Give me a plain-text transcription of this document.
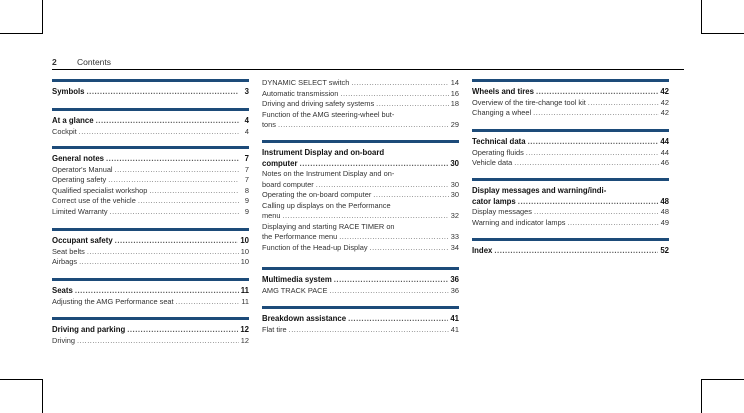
2 Contents
Symbols .....	3
At a glance .....	4
Cockpit .....	4
General notes .....	7
Operator's Manual .....	7
Operating safety .....	7
Qualified specialist workshop .....	8
Correct use of the vehicle .....	9
Limited Warranty .....	9
Occupant safety .....	10
Seat belts .....	10
Airbags .....	10
Seats .....	11
Adjusting the AMG Performance seat .....	11
Driving and parking .....	12
Driving .....	12
DYNAMIC SELECT switch .....	14
Automatic transmission .....	16
Driving and driving safety systems .....	18
Function of the AMG steering-wheel but-
tons .....	29
Instrument Display and on-board
computer .....	30
Notes on the Instrument Display and on-
board computer .....	30
Operating the on-board computer .....	30
Calling up displays on the Performance
menu .....	32
Displaying and starting RACE TIMER on
the Performance menu .....	33
Function of the Head-up Display .....	34
Multimedia system .....	36
AMG TRACK PACE .....	36
Breakdown assistance .....	41
Flat tire .....	41
Wheels and tires .....	42
Overview of the tire-change tool kit .....	42
Changing a wheel .....	42
Technical data .....	44
Operating fluids .....	44
Vehicle data .....	46
Display messages and warning/indi-
cator lamps .....	48
Display messages .....	48
Warning and indicator lamps .....	49
Index .....	52
